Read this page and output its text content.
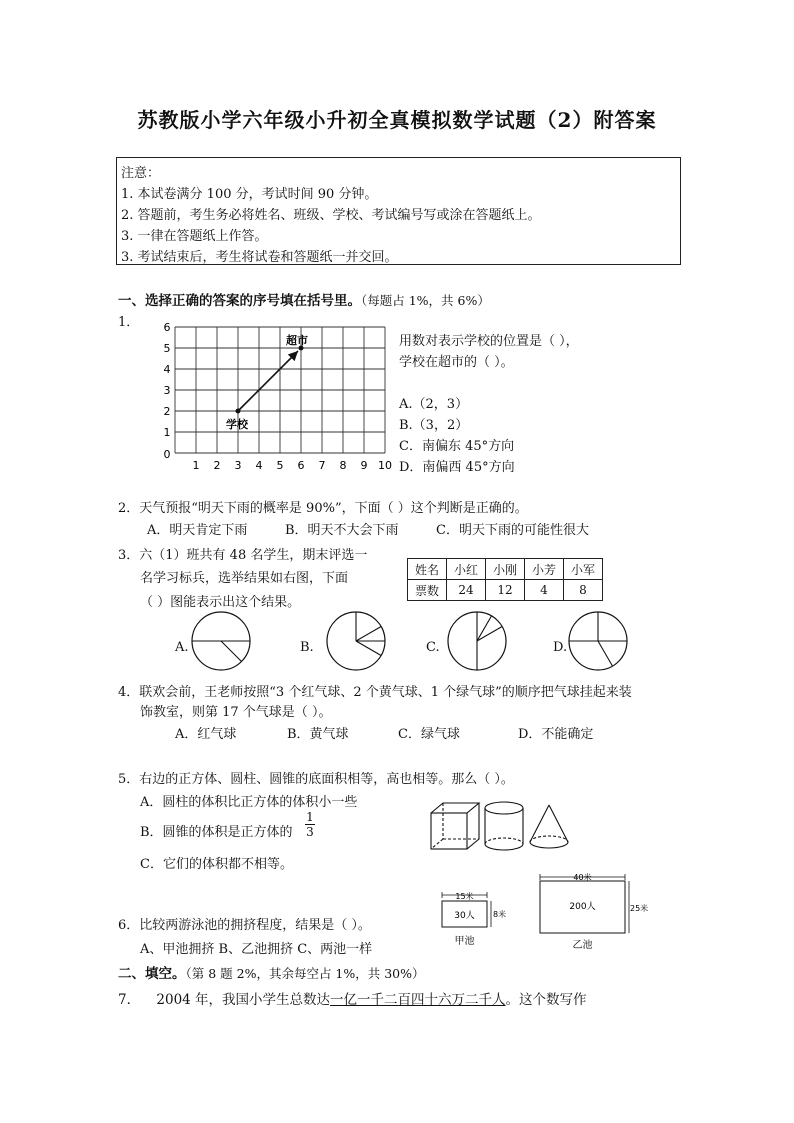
苏教版小学六年级小升初全真模拟数学试题（2）附答案
注意：
1. 本试卷满分 100 分，考试时间 90 分钟。
2. 答题前，考生务必将姓名、班级、学校、考试编号写或涂在答题纸上。
3. 一律在答题纸上作答。
3. 考试结束后，考生将试卷和答题纸一并交回。
一、选择正确的答案的序号填在括号里。（每题占 1%，共 6%）
1．
0
1 2 3 4 5 6 7 8 9 10
1
2
3
4
5
6
学校
超市	用数对表示学校的位置是（ ），
学校在超市的（ ）。
A.（2，3）
B.（3，2）
C．南偏东 45°方向
D．南偏西 45°方向
2．天气预报“明天下雨的概率是 90%”，下面（ ）这个判断是正确的。
A．明天肯定下雨	B．明天不大会下雨	C．明天下雨的可能性很大
3．六（1）班共有 48 名学生，期末评选一
名学习标兵，选举结果如右图，下面
（ ）图能表示出这个结果。
姓名	小红	小刚	小芳	小军
票数	24	12	4	8
A.	B.	C.	D.
4．联欢会前，王老师按照“3 个红气球、2 个黄气球、1 个绿气球”的顺序把气球挂起来装
饰教室，则第 17 个气球是（ ）。
A．红气球	B．黄气球	C．绿气球	D．不能确定
5．右边的正方体、圆柱、圆锥的底面积相等，高也相等。那么（ ）。
A．圆柱的体积比正方体的体积小一些
B．圆锥的体积是正方体的 $\frac{1}{3}$
C．它们的体积都不相等。
6．比较两游泳池的拥挤程度，结果是（ ）。
A、甲池拥挤 B、乙池拥挤 C、两池一样
15米
30人 8米
甲池
40米
200人	25米
乙池
二、填空。（第 8 题 2%，其余每空占 1%，共 30%）
7． 2004 年，我国小学生总数达一亿一千二百四十六万二千人。这个数写作
